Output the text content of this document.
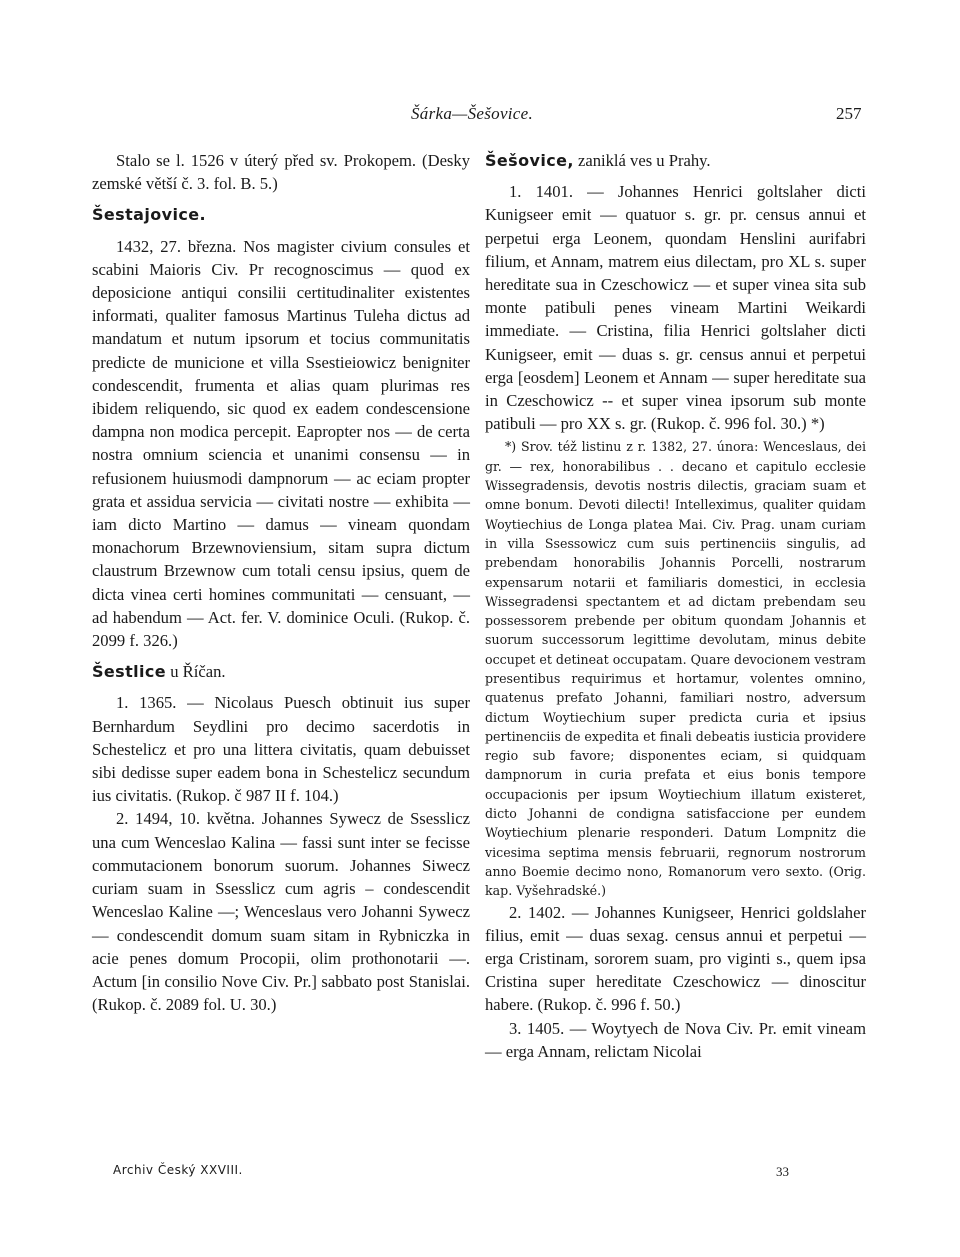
Šárka—Šešovice.	257

Stalo se l. 1526 v úterý před sv. Prokopem. (Desky zemské větší č. 3. fol. B. 5.)

Šestajovice.

1432, 27. března. Nos magister civium consules et scabini Maioris Civ. Pr recognoscimus — quod ex deposicione antiqui consilii certitudinaliter existentes informati, qualiter famosus Martinus Tuleha dictus ad mandatum et nutum ipsorum et tocius communitatis predicte de municione et villa Ssestieiowicz benigniter condescendit, frumenta et alias quam plurimas res ibidem reliquendo, sic quod ex eadem condescensione dampna non modica percepit. Eapropter nos — de certa nostra omnium sciencia et unanimi consensu — in refusionem huiusmodi dampnorum — ac eciam propter grata et assidua servicia — civitati nostre — exhibita — iam dicto Martino — damus — vineam quondam monachorum Brzewnoviensium, sitam supra dictum claustrum Brzewnow cum totali censu ipsius, quem de dicta vinea certi homines communitati — censuant, — ad habendum — Act. fer. V. dominice Oculi. (Rukop. č. 2099 f. 326.)

Šestlice u Říčan.

1. 1365. — Nicolaus Puesch obtinuit ius super Bernhardum Seydlini pro decimo sacerdotis in Schestelicz et pro una littera civitatis, quam debuisset sibi dedisse super eadem bona in Schestelicz secundum ius civitatis. (Rukop. č 987 II f. 104.)

2. 1494, 10. května. Johannes Sywecz de Ssesslicz una cum Wenceslao Kalina — fassi sunt inter se fecisse commutacionem bonorum suorum. Johannes Siwecz curiam suam in Ssesslicz cum agris – condescendit Wenceslao Kaline —; Wenceslaus vero Johanni Sywecz — condescendit domum suam sitam in Rybniczka in acie penes domum Procopii, olim prothonotarii —. Actum [in consilio Nove Civ. Pr.] sabbato post Stanislai. (Rukop. č. 2089 fol. U. 30.)

Šešovice, zaniklá ves u Prahy.

1. 1401. — Johannes Henrici goltslaher dicti Kunigseer emit — quatuor s. gr. pr. census annui et perpetui erga Leonem, quondam Henslini aurifabri filium, et Annam, matrem eius dilectam, pro XL s. super hereditate sua in Czeschowicz — et super vinea sita sub monte patibuli penes vineam Martini Weikardi immediate. — Cristina, filia Henrici goltslaher dicti Kunigseer, emit — duas s. gr. census annui et perpetui erga [eosdem] Leonem et Annam — super hereditate sua in Czeschowicz -- et super vinea ipsorum sub monte patibuli — pro XX s. gr. (Rukop. č. 996 fol. 30.) *)

*) Srov. též listinu z r. 1382, 27. února: Wenceslaus, dei gr. — rex, honorabilibus . . decano et capitulo ecclesie Wissegradensis, devotis nostris dilectis, graciam suam et omne bonum. Devoti dilecti! Intelleximus, qualiter quidam Woytiechius de Longa platea Mai. Civ. Prag. unam curiam in villa Ssessowicz cum suis pertinenciis singulis, ad prebendam honorabilis Johannis Porcelli, nostrarum expensarum notarii et familiaris domestici, in ecclesia Wissegradensi spectantem et ad dictam prebendam seu possessorem prebende per obitum quondam Johannis et suorum successorum legittime devolutam, minus debite occupet et detineat occupatam. Quare devocionem vestram presentibus requirimus et hortamur, volentes omnino, quatenus prefato Johanni, familiari nostro, adversum dictum Woytiechium super predicta curia et ipsius pertinenciis de expedita et finali debeatis iusticia providere regio sub favore; disponentes eciam, si quidquam dampnorum in curia prefata et eius bonis tempore occupacionis per ipsum Woytiechium illatum existeret, dicto Johanni de condigna satisfaccione per eundem Woytiechium plenarie responderi. Datum Lompnitz die vicesima septima mensis februarii, regnorum nostrorum anno Boemie decimo nono, Romanorum vero sexto. (Orig. kap. Vyšehradské.)

2. 1402. — Johannes Kunigseer, Henrici goldslaher filius, emit — duas sexag. census annui et perpetui — erga Cristinam, sororem suam, pro viginti s., quem ipsa Cristina super hereditate Czeschowicz — dinoscitur habere. (Rukop. č. 996 f. 50.)

3. 1405. — Woytyech de Nova Civ. Pr. emit vineam — erga Annam, relictam Nicolai

Archiv Český XXVIII.	33
